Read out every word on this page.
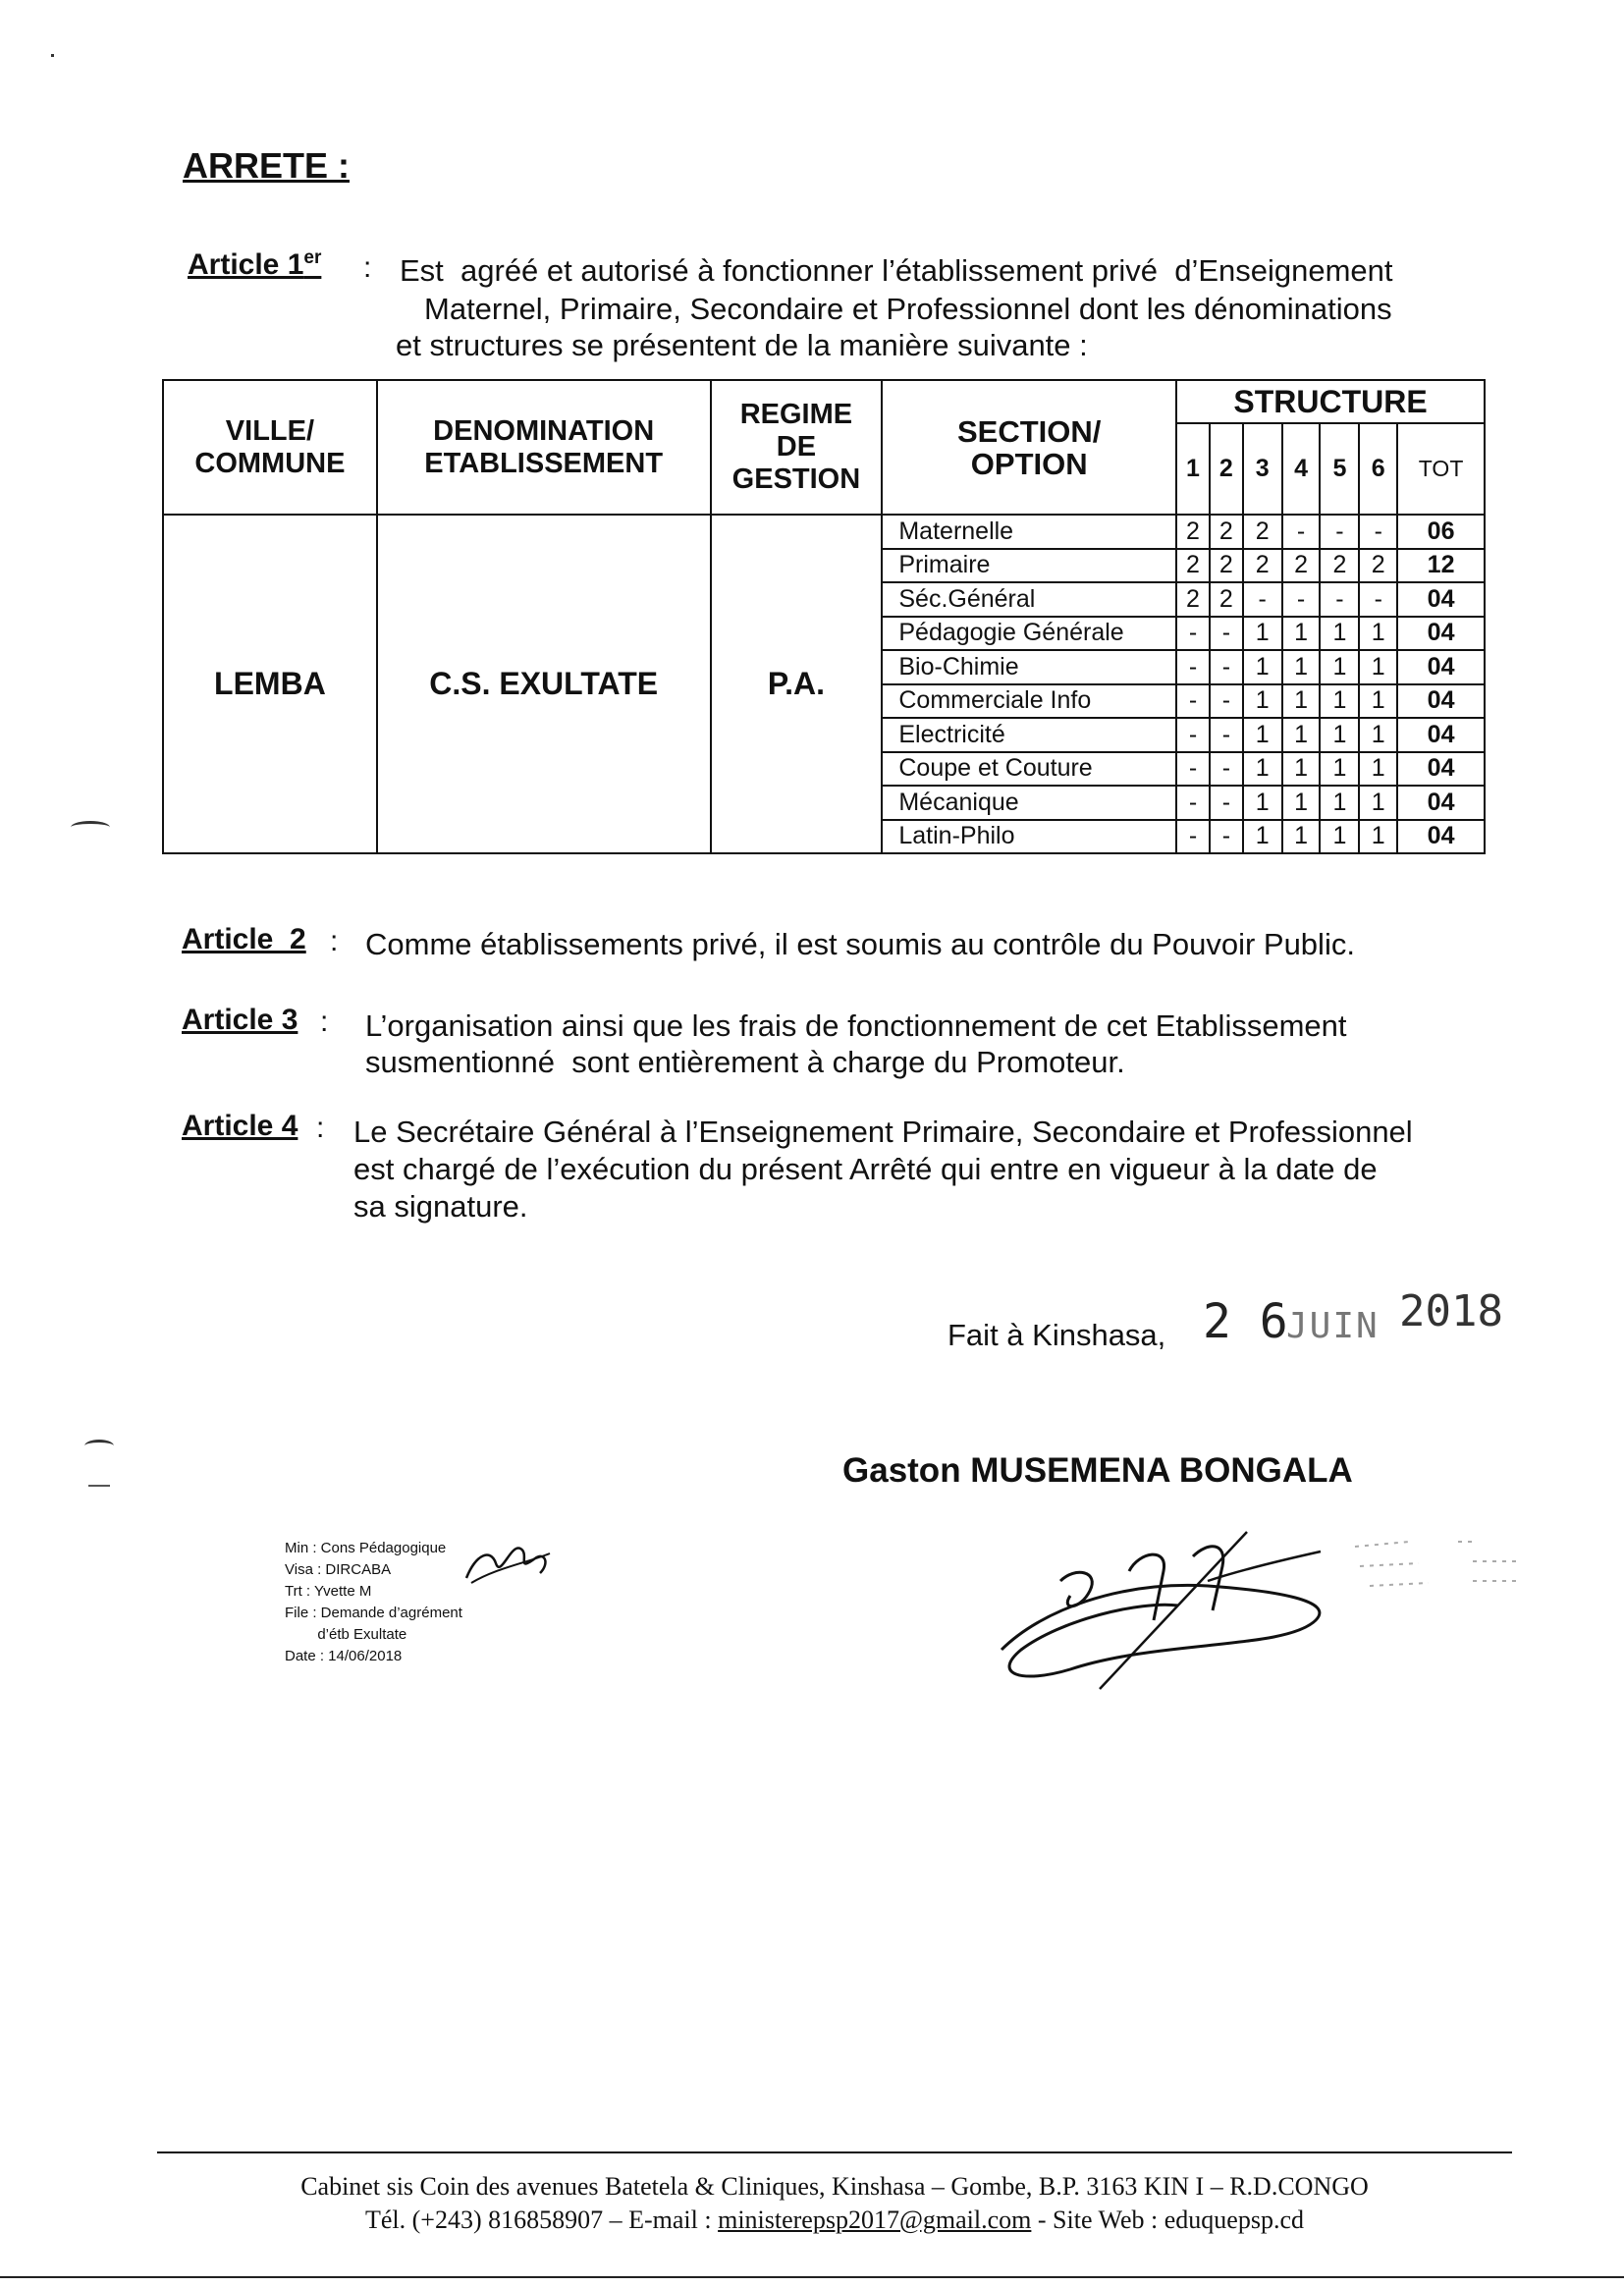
ARRETE :
Article 1er : Est  agréé et autorisé à fonctionner l’établissement privé  d’Enseignement
Maternel, Primaire, Secondaire et Professionnel dont les dénominations
et structures se présentent de la manière suivante :
VILLE/ COMMUNE	DENOMINATION ETABLISSEMENT	REGIME DE GESTION	SECTION/ OPTION	STRUCTURE						
				1	2	3	4	5	6	TOT
LEMBA	C.S. EXULTATE	P.A.	Maternelle	2	2	2	-	-	-	06
			Primaire	2	2	2	2	2	2	12
			Séc.Général	2	2	-	-	-	-	04
			Pédagogie Générale	-	-	1	1	1	1	04
			Bio-Chimie	-	-	1	1	1	1	04
			Commerciale Info	-	-	1	1	1	1	04
			Electricité	-	-	1	1	1	1	04
			Coupe et Couture	-	-	1	1	1	1	04
			Mécanique	-	-	1	1	1	1	04
			Latin-Philo	-	-	1	1	1	1	04
Article  2 : Comme établissements privé, il est soumis au contrôle du Pouvoir Public.
Article 3 : L’organisation ainsi que les frais de fonctionnement de cet Etablissement
susmentionné  sont entièrement à charge du Promoteur.
Article 4 : Le Secrétaire Général à l’Enseignement Primaire, Secondaire et Professionnel
est chargé de l’exécution du présent Arrêté qui entre en vigueur à la date de
sa signature.
Fait à Kinshasa, 2 6
JUIN 2018
Gaston MUSEMENA BONGALA
Min : Cons Pédagogique
Visa : DIRCABA
Trt : Yvette M
File : Demande d’agrément
d’étb Exultate
Date : 14/06/2018
Cabinet sis Coin des avenues Batetela & Cliniques, Kinshasa – Gombe, B.P. 3163 KIN I – R.D.CONGO
Tél. (+243) 816858907 – E-mail : ministerepsp2017@gmail.com - Site Web : eduquepsp.cd
